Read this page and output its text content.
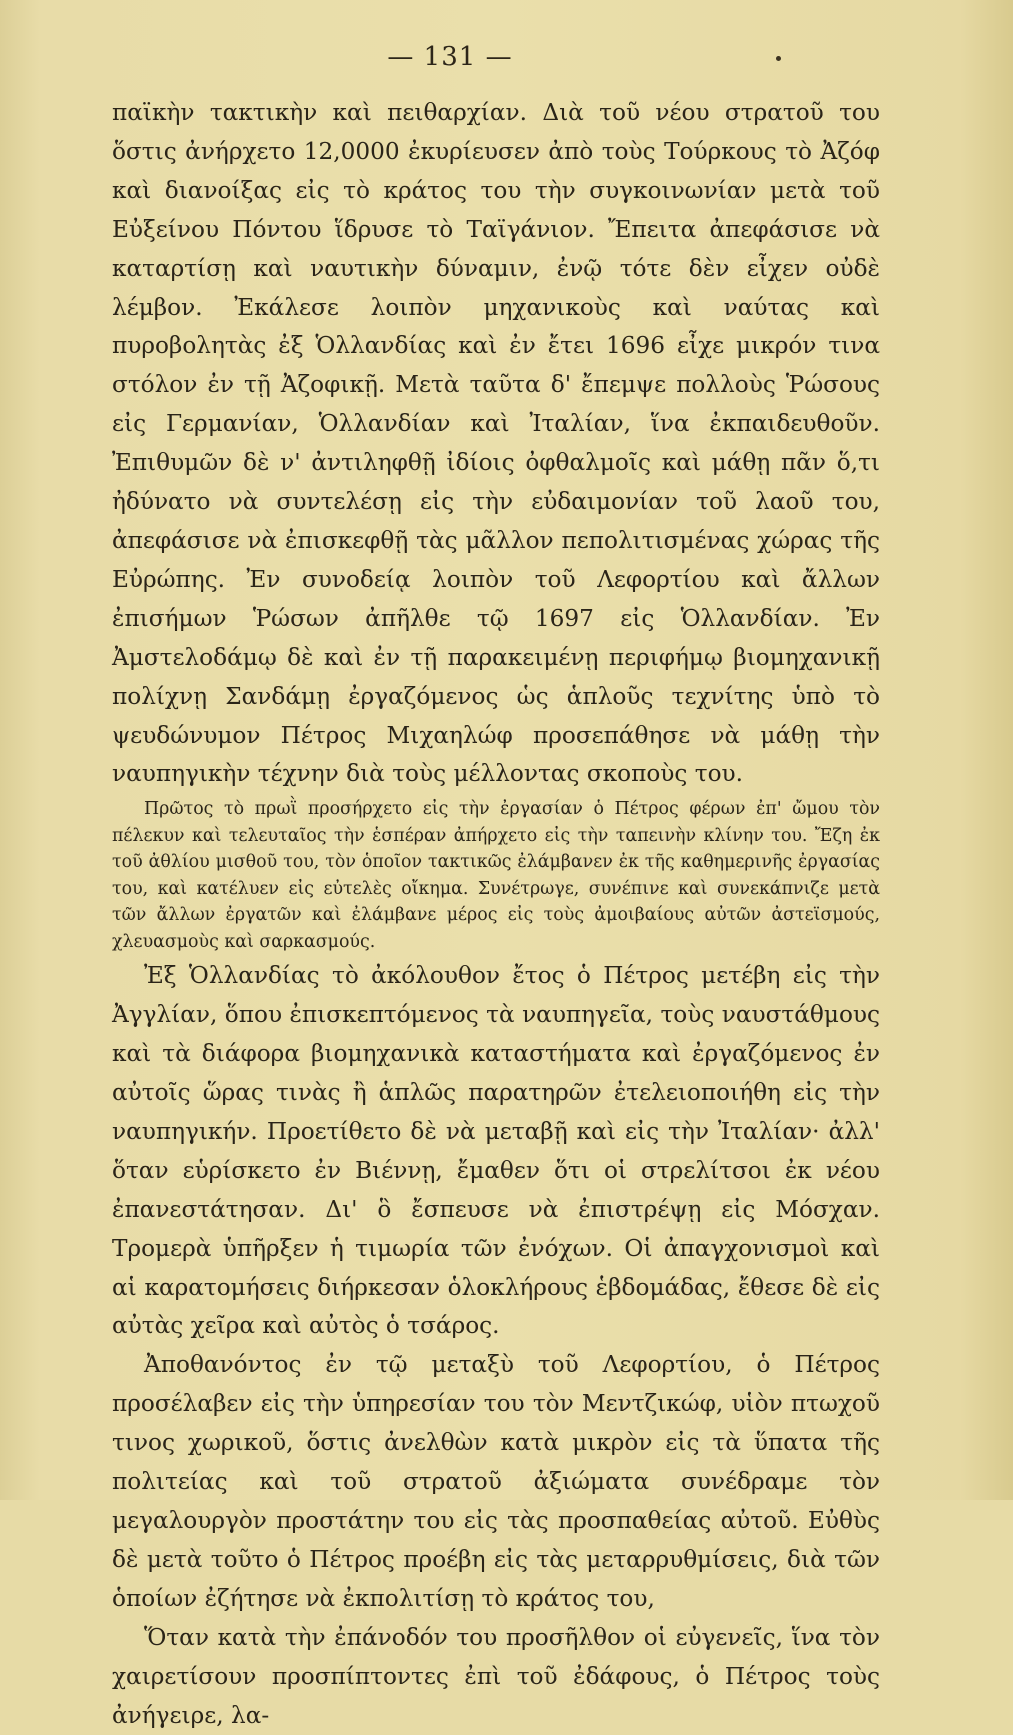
— 131 —

παϊκὴν τακτικὴν καὶ πειθαρχίαν. Διὰ τοῦ νέου στρατοῦ του ὅστις ἀνήρχετο 12,0000 ἐκυρίευσεν ἀπὸ τοὺς Τούρκους τὸ Ἀζόφ καὶ διανοίξας εἰς τὸ κράτος του τὴν συγκοινωνίαν μετὰ τοῦ Εὐξείνου Πόντου ἵδρυσε τὸ Ταϊγάνιον. Ἔπειτα ἀπεφάσισε νὰ καταρτίσῃ καὶ ναυτικὴν δύναμιν, ἐνῷ τότε δὲν εἶχεν οὐδὲ λέμβον. Ἐκάλεσε λοιπὸν μηχανικοὺς καὶ ναύτας καὶ πυροβολητὰς ἐξ Ὁλλανδίας καὶ ἐν ἔτει 1696 εἶχε μικρόν τινα στόλον ἐν τῇ Ἀζοφικῇ. Μετὰ ταῦτα δ' ἔπεμψε πολλοὺς Ῥώσους εἰς Γερμανίαν, Ὁλλανδίαν καὶ Ἰταλίαν, ἵνα ἐκπαιδευθοῦν. Ἐπιθυμῶν δὲ ν' ἀντιληφθῇ ἰδίοις ὀφθαλμοῖς καὶ μάθῃ πᾶν ὅ,τι ἠδύνατο νὰ συντελέσῃ εἰς τὴν εὐδαιμονίαν τοῦ λαοῦ του, ἀπεφάσισε νὰ ἐπισκεφθῇ τὰς μᾶλλον πεπολιτισμένας χώρας τῆς Εὐρώπης. Ἐν συνοδείᾳ λοιπὸν τοῦ Λεφορτίου καὶ ἄλλων ἐπισήμων Ῥώσων ἀπῆλθε τῷ 1697 εἰς Ὁλλανδίαν. Ἐν Ἀμστελοδάμῳ δὲ καὶ ἐν τῇ παρακειμένῃ περιφήμῳ βιομηχανικῇ πολίχνῃ Σανδάμῃ ἐργαζόμενος ὡς ἁπλοῦς τεχνίτης ὑπὸ τὸ ψευδώνυμον Πέτρος Μιχαηλώφ προσεπάθησε νὰ μάθῃ τὴν ναυπηγικὴν τέχνην διὰ τοὺς μέλλοντας σκοποὺς του.

Πρῶτος τὸ πρωῒ προσήρχετο εἰς τὴν ἐργασίαν ὁ Πέτρος φέρων ἐπ' ὤμου τὸν πέλεκυν καὶ τελευταῖος τὴν ἑσπέραν ἀπήρχετο εἰς τὴν ταπεινὴν κλίνην του. Ἔζη ἐκ τοῦ ἀθλίου μισθοῦ του, τὸν ὁποῖον τακτικῶς ἐλάμβανεν ἐκ τῆς καθημερινῆς ἐργασίας του, καὶ κατέλυεν εἰς εὐτελὲς οἴκημα. Συνέτρωγε, συνέπινε καὶ συνεκάπνιζε μετὰ τῶν ἄλλων ἐργατῶν καὶ ἐλάμβανε μέρος εἰς τοὺς ἀμοιβαίους αὐτῶν ἀστεϊσμούς, χλευασμοὺς καὶ σαρκασμούς.

Ἐξ Ὁλλανδίας τὸ ἀκόλουθον ἔτος ὁ Πέτρος μετέβη εἰς τὴν Ἀγγλίαν, ὅπου ἐπισκεπτόμενος τὰ ναυπηγεῖα, τοὺς ναυστάθμους καὶ τὰ διάφορα βιομηχανικὰ καταστήματα καὶ ἐργαζόμενος ἐν αὐτοῖς ὥρας τινὰς ἢ ἁπλῶς παρατηρῶν ἐτελειοποιήθη εἰς τὴν ναυπηγικήν. Προετίθετο δὲ νὰ μεταβῇ καὶ εἰς τὴν Ἰταλίαν· ἀλλ' ὅταν εὑρίσκετο ἐν Βιέννῃ, ἔμαθεν ὅτι οἱ στρελίτσοι ἐκ νέου ἐπανεστάτησαν. Δι' ὃ ἔσπευσε νὰ ἐπιστρέψῃ εἰς Μόσχαν. Τρομερὰ ὑπῆρξεν ἡ τιμωρία τῶν ἐνόχων. Οἱ ἀπαγχονισμοὶ καὶ αἱ καρατομήσεις διήρκεσαν ὁλοκλήρους ἑβδομάδας, ἔθεσε δὲ εἰς αὐτὰς χεῖρα καὶ αὐτὸς ὁ τσάρος.

Ἀποθανόντος ἐν τῷ μεταξὺ τοῦ Λεφορτίου, ὁ Πέτρος προσέλαβεν εἰς τὴν ὑπηρεσίαν του τὸν Μεντζικώφ, υἱὸν πτωχοῦ τινος χωρικοῦ, ὅστις ἀνελθὼν κατὰ μικρὸν εἰς τὰ ὕπατα τῆς πολιτείας καὶ τοῦ στρατοῦ ἀξιώματα συνέδραμε τὸν μεγαλουργὸν προστάτην του εἰς τὰς προσπαθείας αὐτοῦ. Εὐθὺς δὲ μετὰ τοῦτο ὁ Πέτρος προέβη εἰς τὰς μεταρρυθμίσεις, διὰ τῶν ὁποίων ἐζήτησε νὰ ἐκπολιτίσῃ τὸ κράτος του,

Ὅταν κατὰ τὴν ἐπάνοδόν του προσῆλθον οἱ εὐγενεῖς, ἵνα τὸν χαιρετίσουν προσπίπτοντες ἐπὶ τοῦ ἐδάφους, ὁ Πέτρος τοὺς ἀνήγειρε, λα-
